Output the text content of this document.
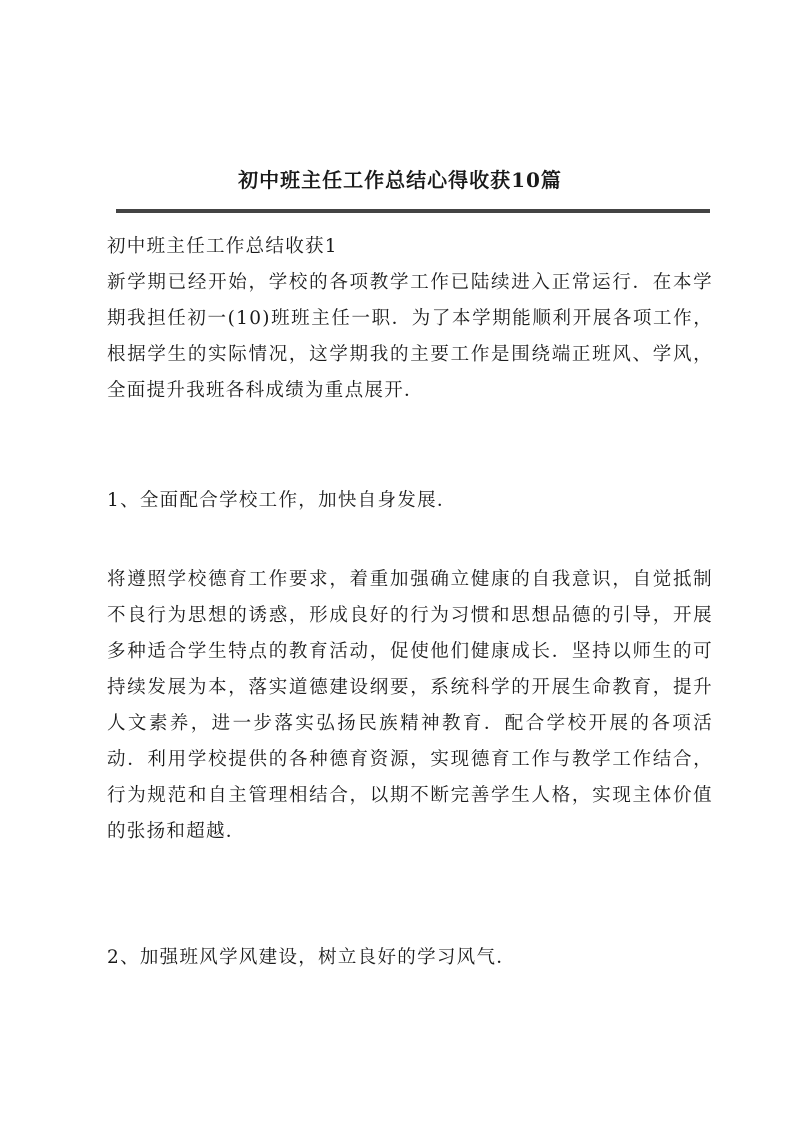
初中班主任工作总结心得收获10篇
初中班主任工作总结收获1
新学期已经开始，学校的各项教学工作已陆续进入正常运行．在本学期我担任初一(10)班班主任一职．为了本学期能顺利开展各项工作，根据学生的实际情况，这学期我的主要工作是围绕端正班风、学风，全面提升我班各科成绩为重点展开．
1、全面配合学校工作，加快自身发展．
将遵照学校德育工作要求，着重加强确立健康的自我意识，自觉抵制不良行为思想的诱惑，形成良好的行为习惯和思想品德的引导，开展多种适合学生特点的教育活动，促使他们健康成长．坚持以师生的可持续发展为本，落实道德建设纲要，系统科学的开展生命教育，提升人文素养，进一步落实弘扬民族精神教育．配合学校开展的各项活动．利用学校提供的各种德育资源，实现德育工作与教学工作结合，行为规范和自主管理相结合，以期不断完善学生人格，实现主体价值的张扬和超越．
2、加强班风学风建设，树立良好的学习风气．
